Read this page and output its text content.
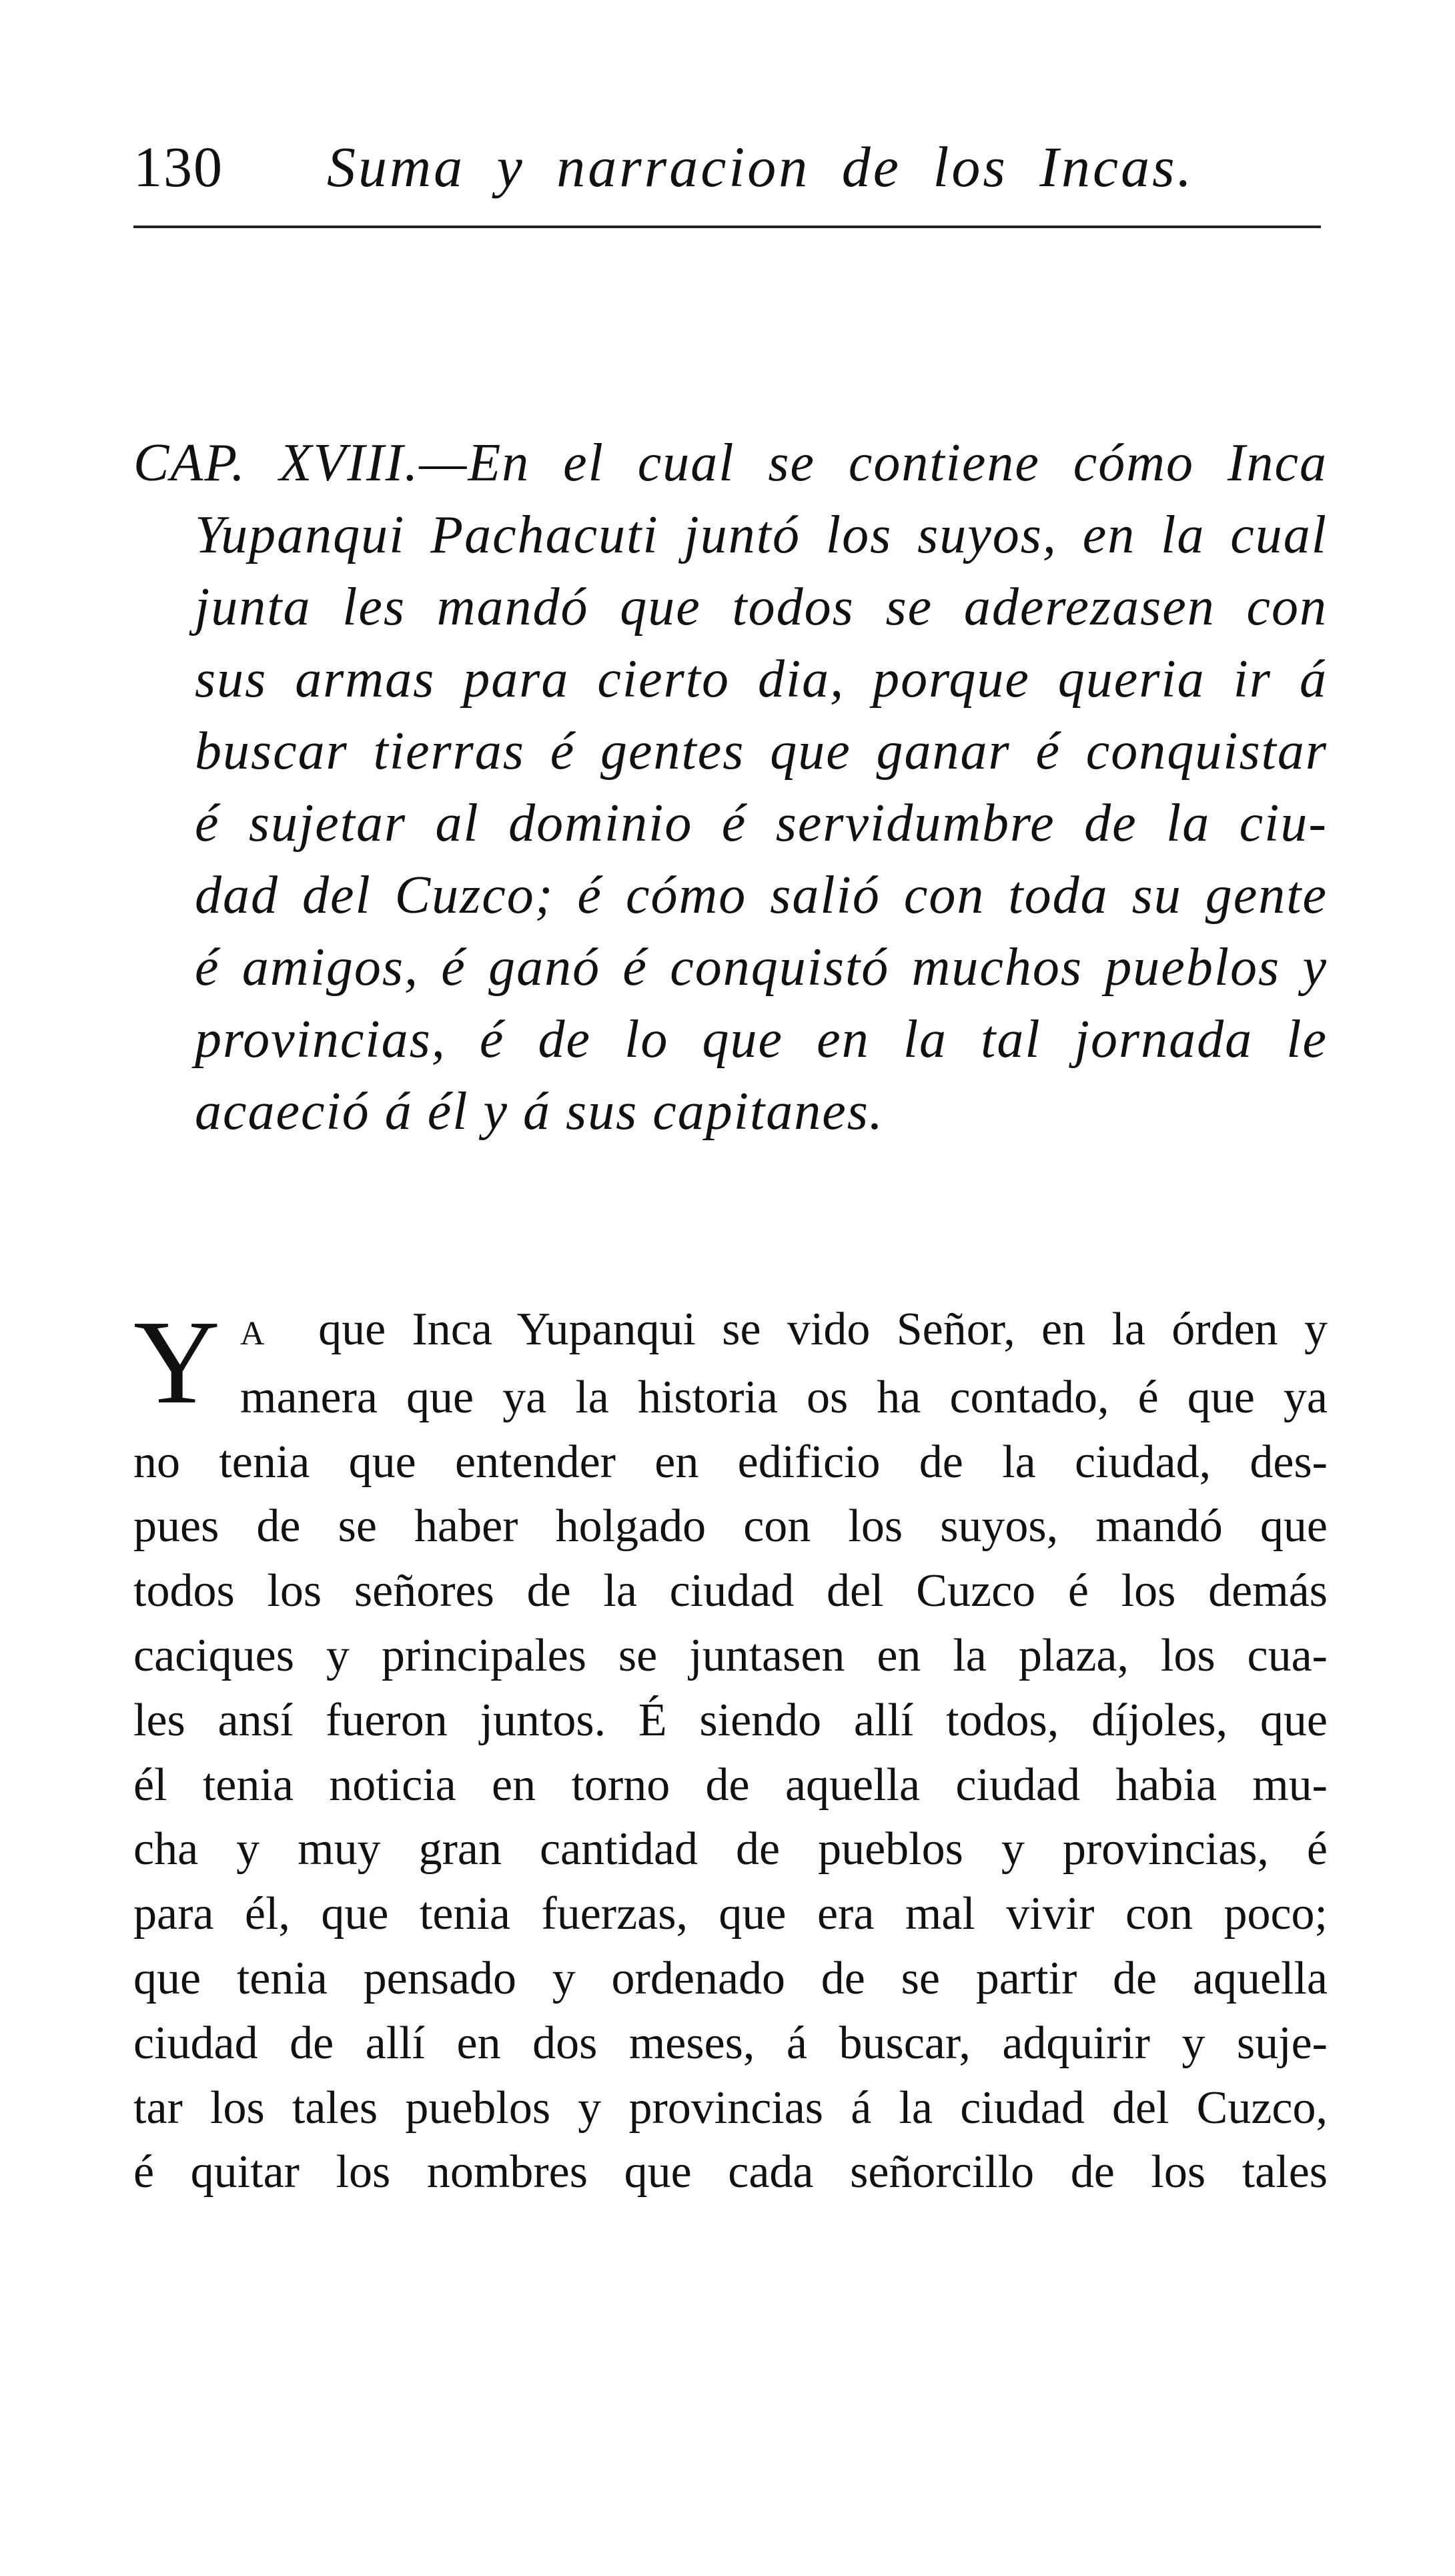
130 Suma y narracion de los Incas.
CAP. XVIII.—En el cual se contiene cómo Inca
Yupanqui Pachacuti juntó los suyos, en la cual
junta les mandó que todos se aderezasen con
sus armas para cierto dia, porque queria ir á
buscar tierras é gentes que ganar é conquistar
é sujetar al dominio é servidumbre de la ciu-
dad del Cuzco; é cómo salió con toda su gente
é amigos, é ganó é conquistó muchos pueblos y
provincias, é de lo que en la tal jornada le
acaeció á él y á sus capitanes.
Y A que Inca Yupanqui se vido Señor, en la órden y
manera que ya la historia os ha contado, é que ya
no tenia que entender en edificio de la ciudad, des-
pues de se haber holgado con los suyos, mandó que
todos los señores de la ciudad del Cuzco é los demás
caciques y principales se juntasen en la plaza, los cua-
les ansí fueron juntos. É siendo allí todos, díjoles, que
él tenia noticia en torno de aquella ciudad habia mu-
cha y muy gran cantidad de pueblos y provincias, é
para él, que tenia fuerzas, que era mal vivir con poco;
que tenia pensado y ordenado de se partir de aquella
ciudad de allí en dos meses, á buscar, adquirir y suje-
tar los tales pueblos y provincias á la ciudad del Cuzco,
é quitar los nombres que cada señorcillo de los tales
